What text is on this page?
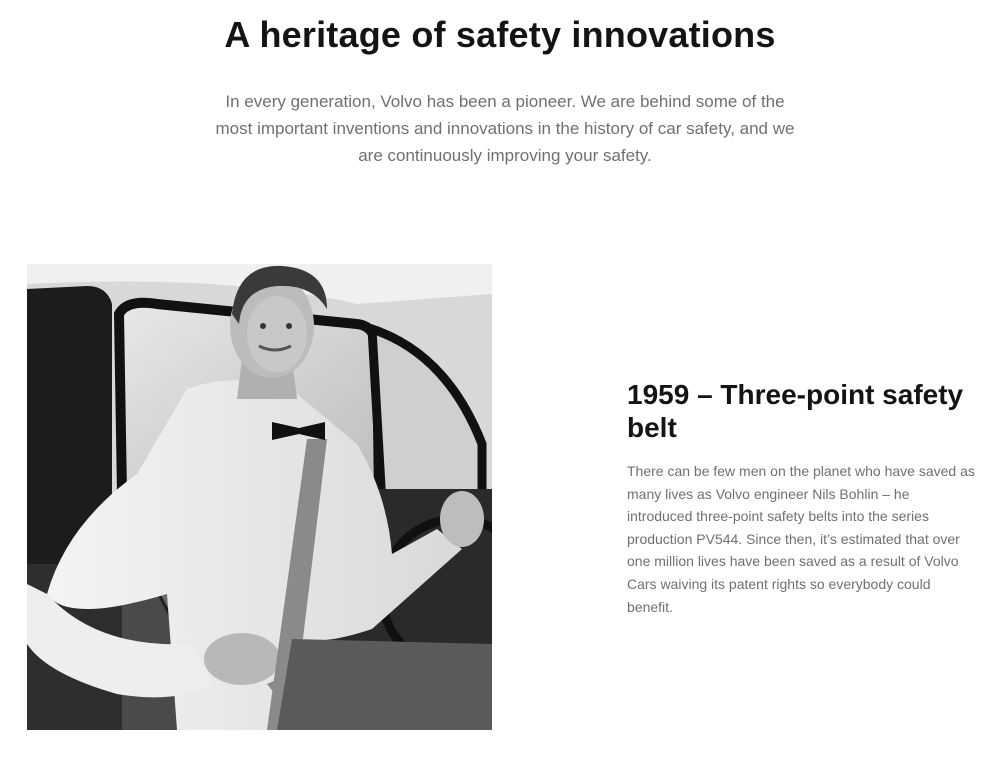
A heritage of safety innovations

In every generation, Volvo has been a pioneer. We are behind some of the most important inventions and innovations in the history of car safety, and we are continuously improving your safety.

1959 – Three-point safety belt

There can be few men on the planet who have saved as many lives as Volvo engineer Nils Bohlin – he introduced three-point safety belts into the series production PV544. Since then, it’s estimated that over one million lives have been saved as a result of Volvo Cars waiving its patent rights so everybody could benefit.
